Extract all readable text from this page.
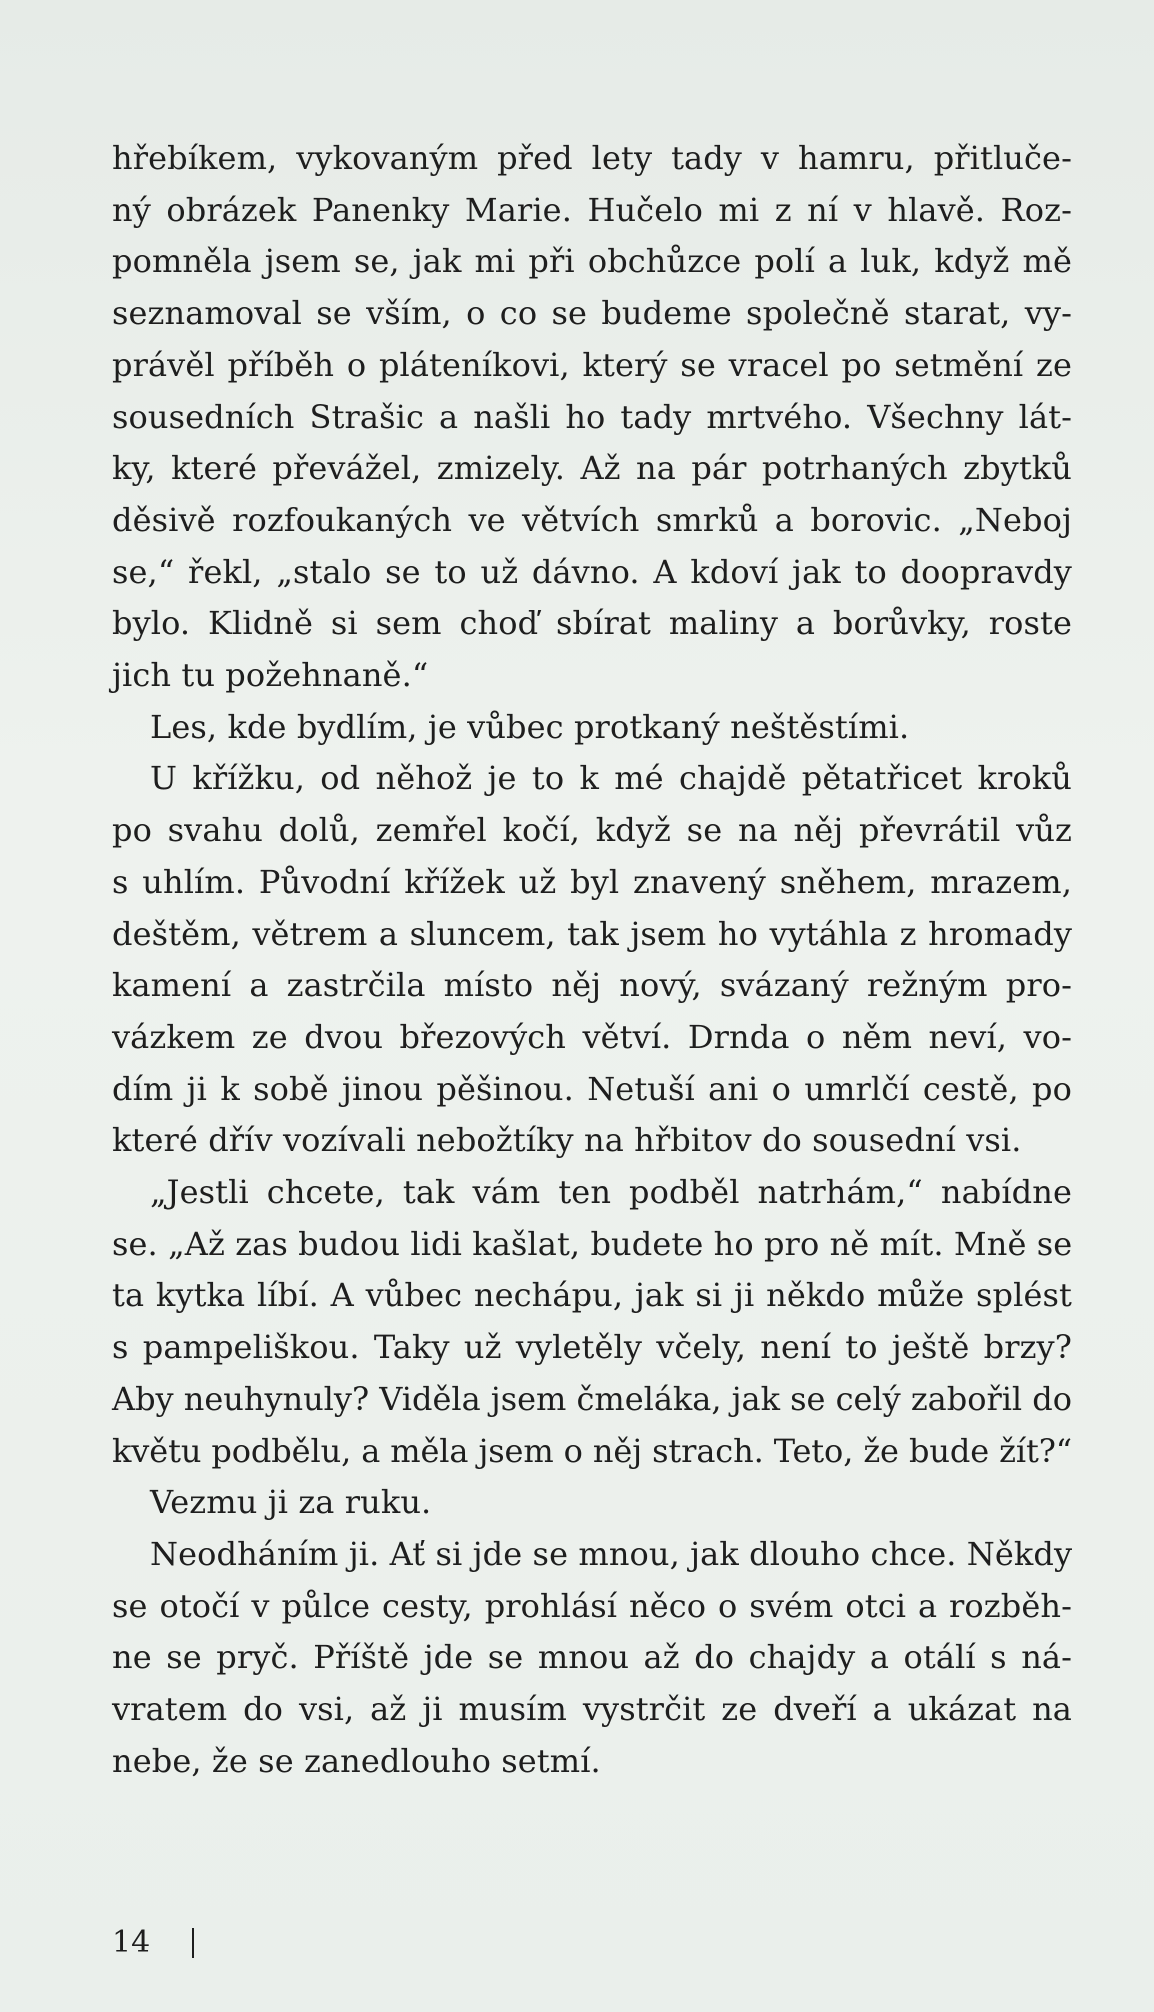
hřebíkem, vykovaným před lety tady v hamru, přitluče-
ný obrázek Panenky Marie. Hučelo mi z ní v hlavě. Roz-
pomněla jsem se, jak mi při obchůzce polí a luk, když mě
seznamoval se vším, o co se budeme společně starat, vy-
právěl příběh o pláteníkovi, který se vracel po setmění ze
sousedních Strašic a našli ho tady mrtvého. Všechny lát-
ky, které převážel, zmizely. Až na pár potrhaných zbytků
děsivě rozfoukaných ve větvích smrků a borovic. „Neboj
se,“ řekl, „stalo se to už dávno. A kdoví jak to doopravdy
bylo. Klidně si sem choď sbírat maliny a borůvky, roste
jich tu požehnaně.“

Les, kde bydlím, je vůbec protkaný neštěstími.

U křížku, od něhož je to k mé chajdě pětatřicet kroků
po svahu dolů, zemřel kočí, když se na něj převrátil vůz
s uhlím. Původní křížek už byl znavený sněhem, mrazem,
deštěm, větrem a sluncem, tak jsem ho vytáhla z hromady
kamení a zastrčila místo něj nový, svázaný režným pro-
vázkem ze dvou březových větví. Drnda o něm neví, vo-
dím ji k sobě jinou pěšinou. Netuší ani o umrlčí cestě, po
které dřív vozívali nebožtíky na hřbitov do sousední vsi.

„Jestli chcete, tak vám ten podběl natrhám,“ nabídne
se. „Až zas budou lidi kašlat, budete ho pro ně mít. Mně se
ta kytka líbí. A vůbec nechápu, jak si ji někdo může splést
s pampeliškou. Taky už vyletěly včely, není to ještě brzy?
Aby neuhynuly? Viděla jsem čmeláka, jak se celý zabořil do
květu podbělu, a měla jsem o něj strach. Teto, že bude žít?“

Vezmu ji za ruku.

Neodháním ji. Ať si jde se mnou, jak dlouho chce. Někdy
se otočí v půlce cesty, prohlásí něco o svém otci a rozběh-
ne se pryč. Příště jde se mnou až do chajdy a otálí s ná-
vratem do vsi, až ji musím vystrčit ze dveří a ukázat na
nebe, že se zanedlouho setmí.

14
